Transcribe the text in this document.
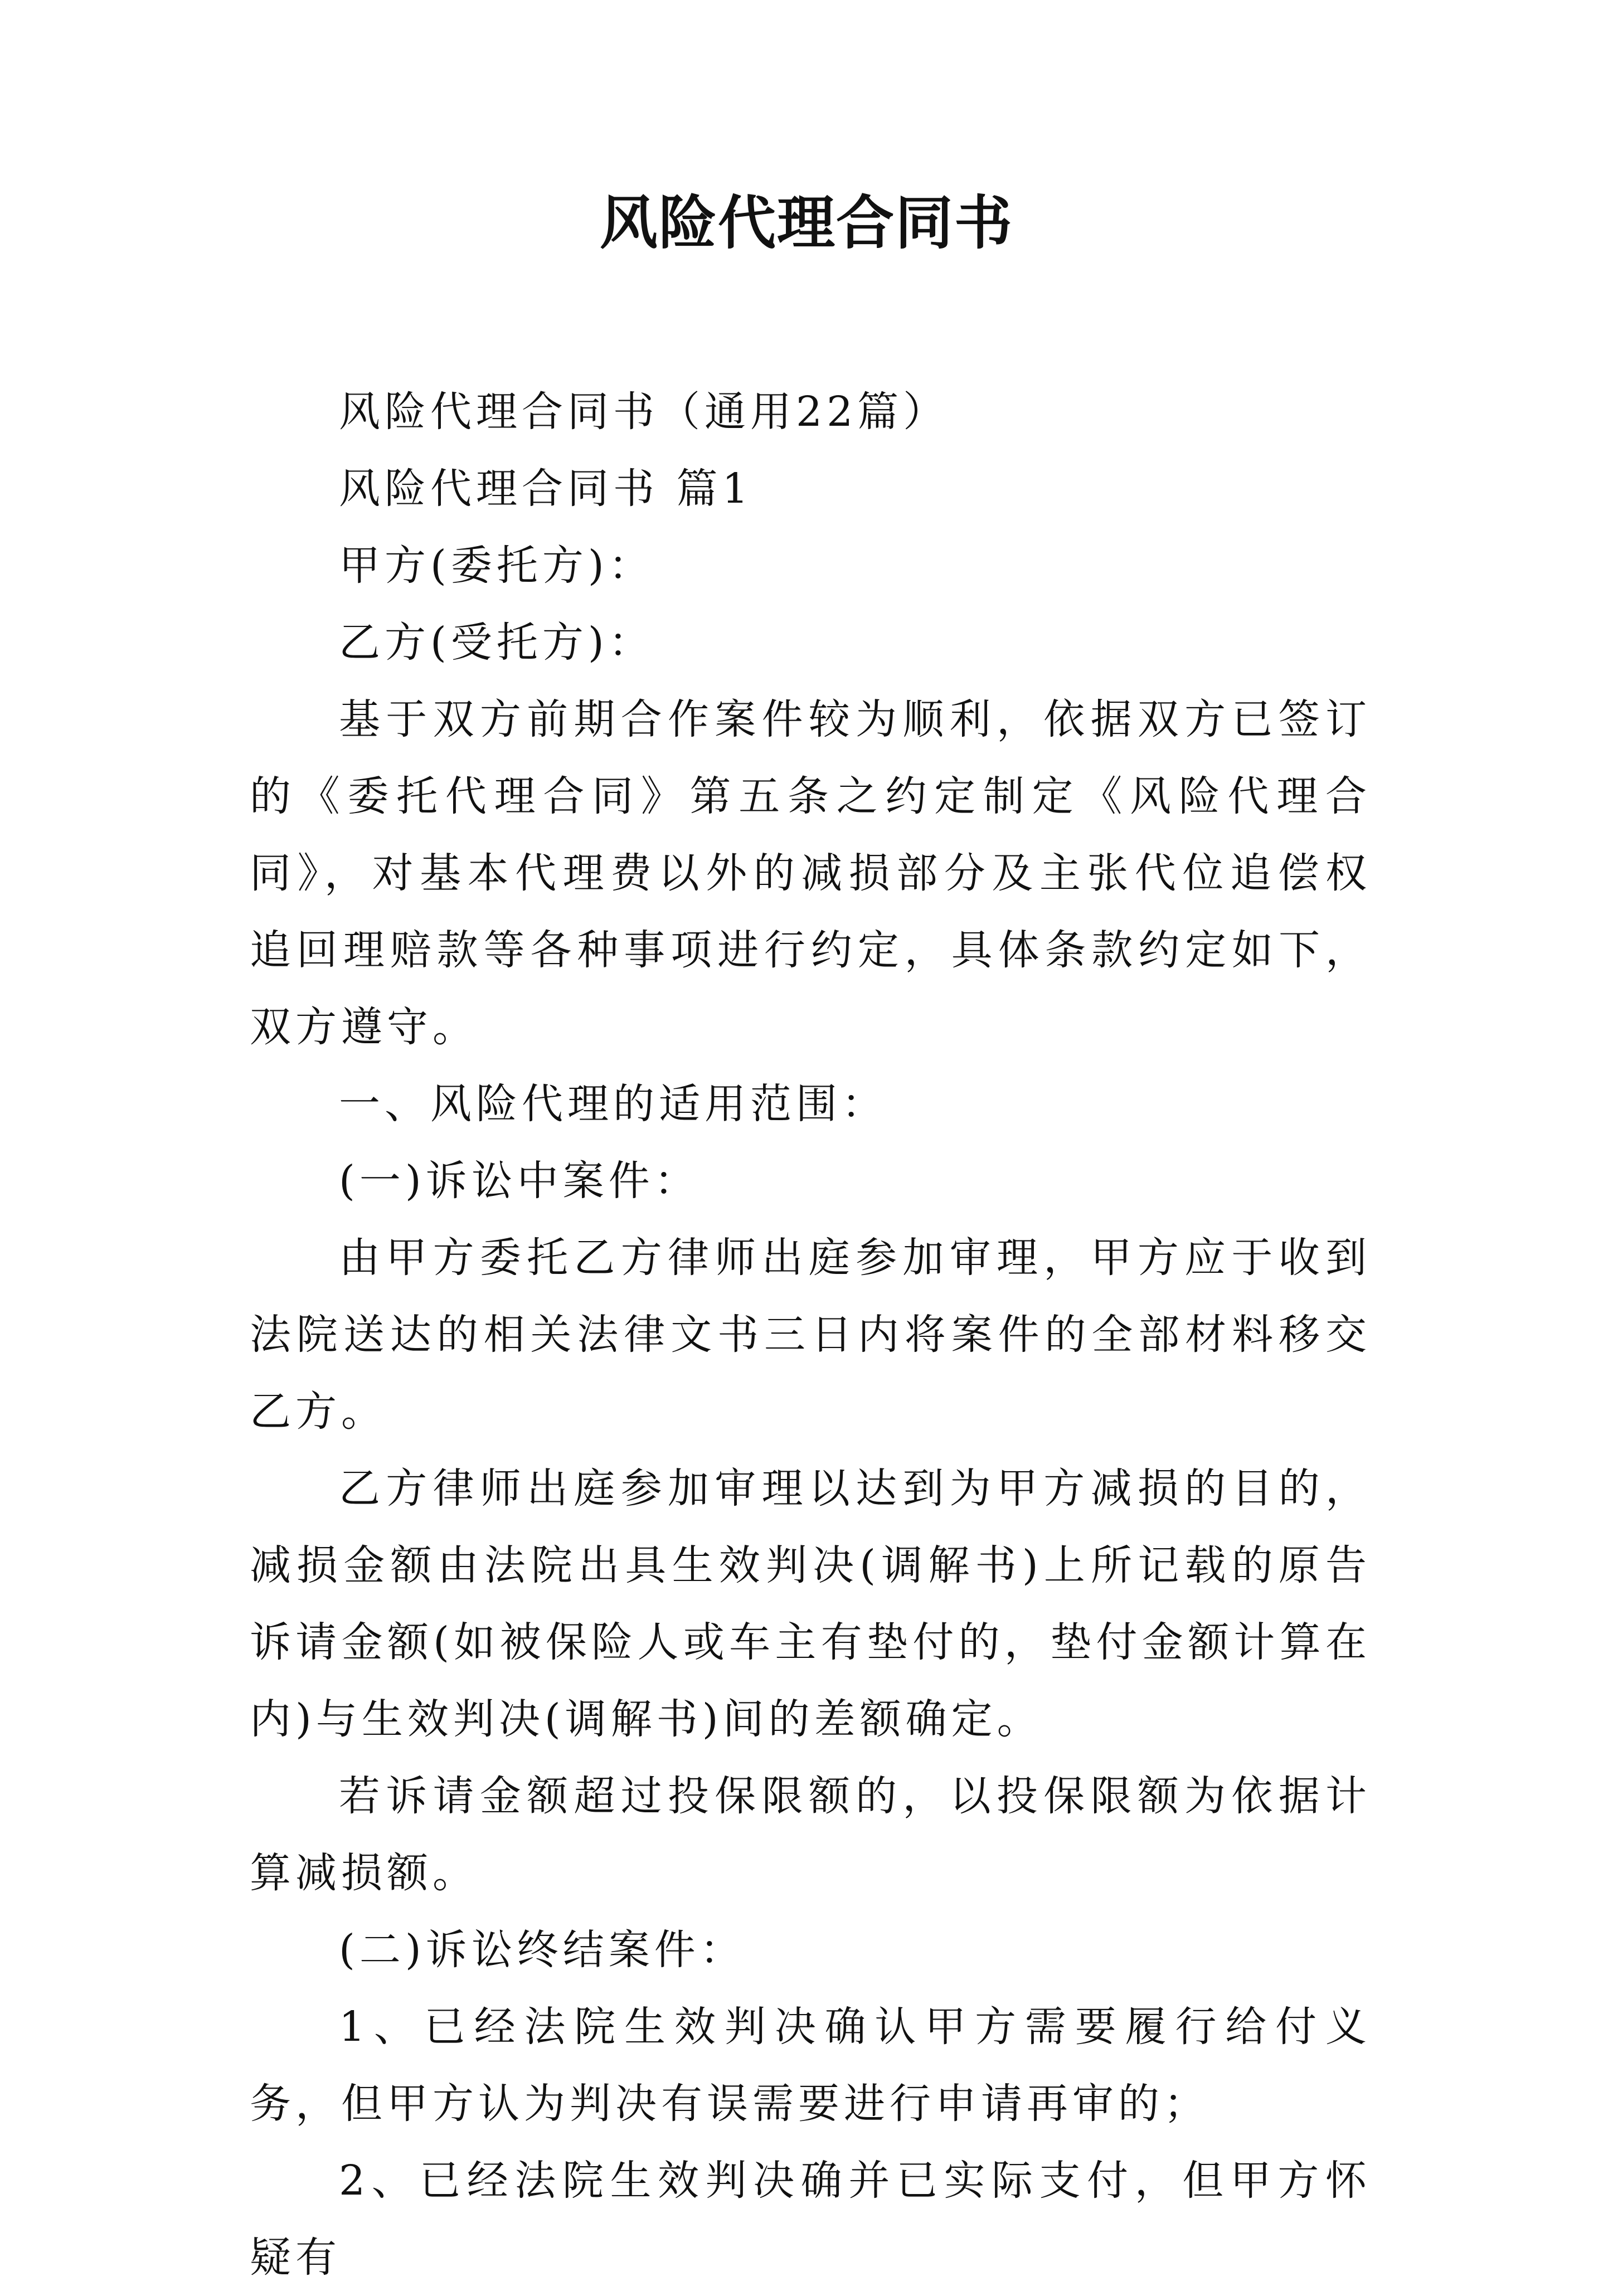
风险代理合同书

风险代理合同书（通用22篇）

风险代理合同书 篇1

甲方(委托方)：

乙方(受托方)：

基于双方前期合作案件较为顺利，依据双方已签订的《委托代理合同》第五条之约定制定《风险代理合同》，对基本代理费以外的减损部分及主张代位追偿权追回理赔款等各种事项进行约定，具体条款约定如下，双方遵守。

一、风险代理的适用范围：

(一)诉讼中案件：

由甲方委托乙方律师出庭参加审理，甲方应于收到法院送达的相关法律文书三日内将案件的全部材料移交乙方。

乙方律师出庭参加审理以达到为甲方减损的目的，减损金额由法院出具生效判决(调解书)上所记载的原告诉请金额(如被保险人或车主有垫付的，垫付金额计算在内)与生效判决(调解书)间的差额确定。

若诉请金额超过投保限额的，以投保限额为依据计算减损额。

(二)诉讼终结案件：

1、已经法院生效判决确认甲方需要履行给付义务，但甲方认为判决有误需要进行申请再审的；

2、已经法院生效判决确并已实际支付，但甲方怀疑有
